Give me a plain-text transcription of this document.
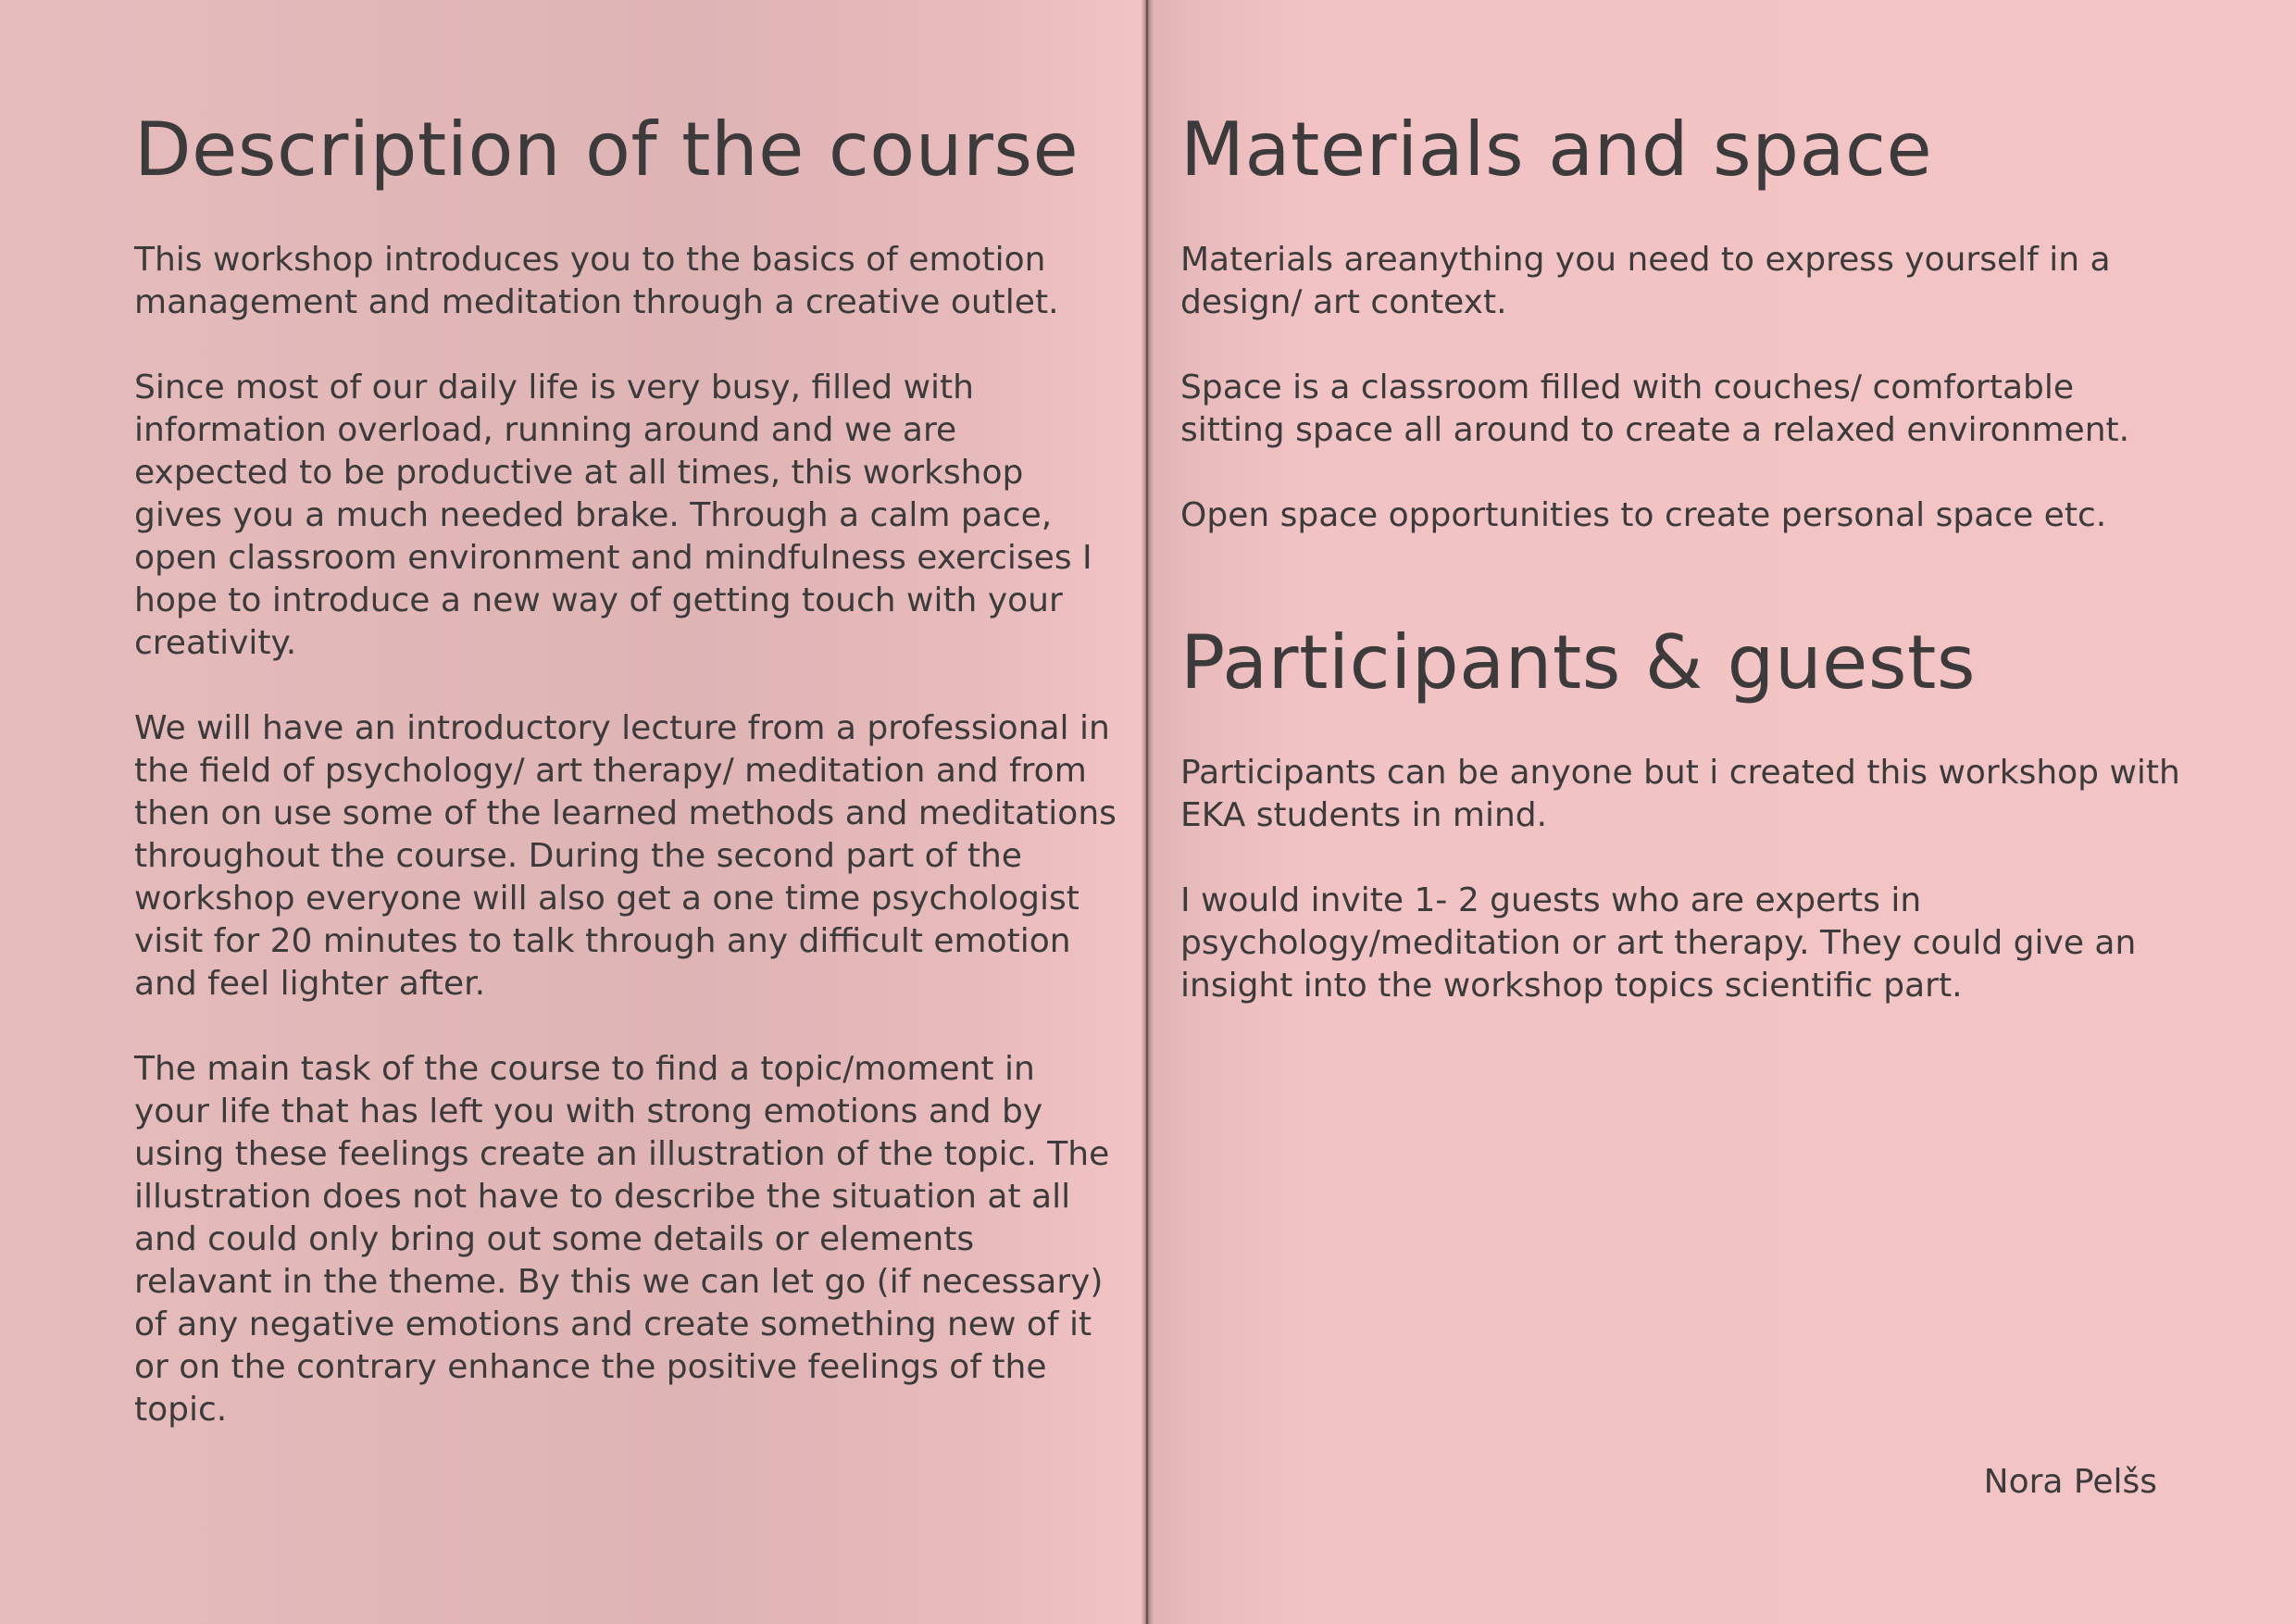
Description of the course

This workshop introduces you to the basics of emotion management and meditation through a creative outlet.

Since most of our daily life is very busy, filled with information overload, running around and we are expected to be productive at all times, this workshop gives you a much needed brake. Through a calm pace, open classroom environment and mindfulness exercises I hope to introduce a new way of getting touch with your creativity.

We will have an introductory lecture from a professional in the field of psychology/ art therapy/ meditation and from then on use some of the learned methods and meditations throughout the course. During the second part of the workshop everyone will also get a one time psychologist visit for 20 minutes to talk through any difficult emotion and feel lighter after.

The main task of the course to find a topic/moment in your life that has left you with strong emotions and by using these feelings create an illustration of the topic. The illustration does not have to describe the situation at all and could only bring out some details or elements relavant in the theme. By this we can let go (if necessary) of any negative emotions and create something new of it or on the contrary enhance the positive feelings of the topic.

Materials and space

Materials areanything you need to express yourself in a design/ art context.

Space is a classroom filled with couches/ comfortable sitting space all around to create a relaxed environment.

Open space opportunities to create personal space etc.

Participants & guests

Participants can be anyone but i created this workshop with EKA students in mind.

I would invite 1- 2 guests who are experts in psychology/meditation or art therapy. They could give an insight into the workshop topics scientific part.

Nora Pelšs
